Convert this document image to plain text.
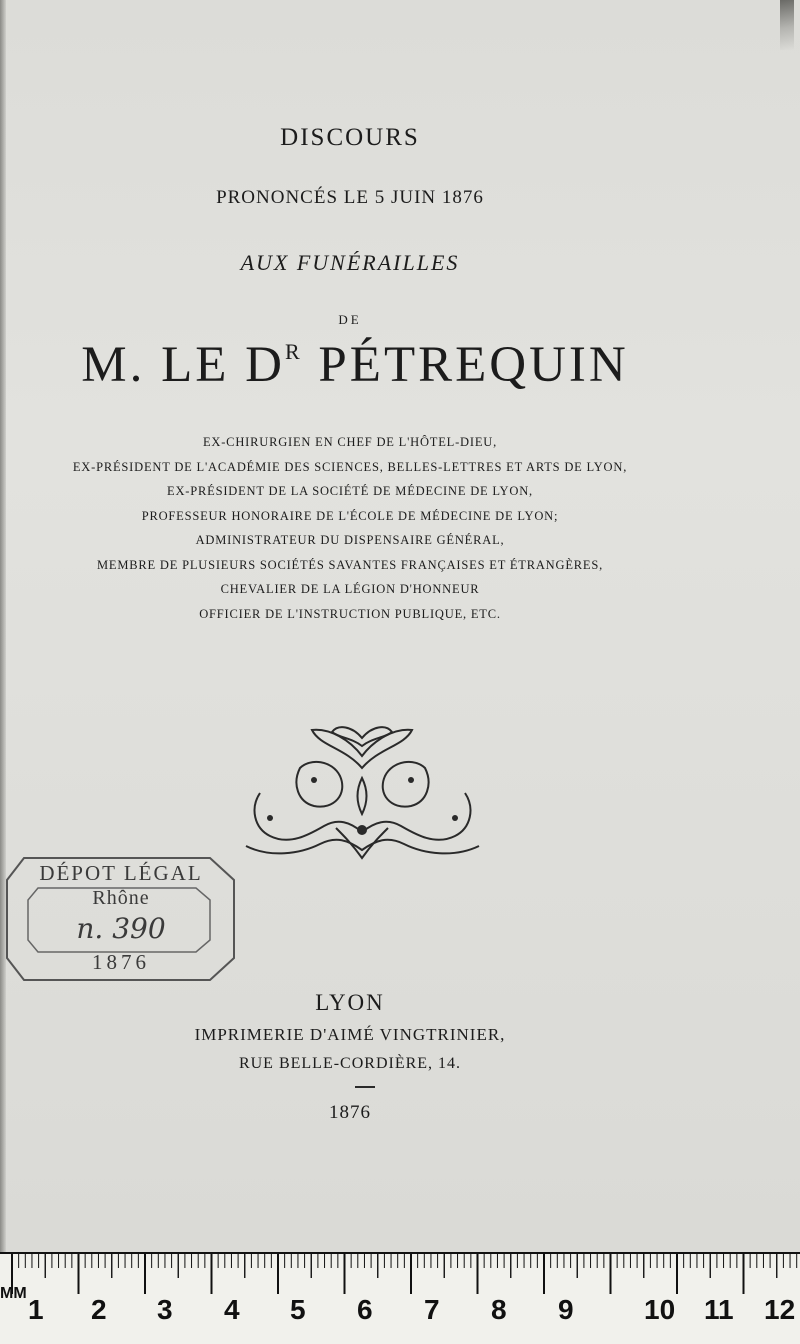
DISCOURS
PRONONCÉS LE 5 JUIN 1876
AUX FUNÉRAILLES
DE
M. LE $D^R$ PÉTREQUIN
EX-CHIRURGIEN EN CHEF DE L'HÔTEL-DIEU,
EX-PRÉSIDENT DE L'ACADÉMIE DES SCIENCES, BELLES-LETTRES ET ARTS DE LYON,
EX-PRÉSIDENT DE LA SOCIÉTÉ DE MÉDECINE DE LYON,
PROFESSEUR HONORAIRE DE L'ÉCOLE DE MÉDECINE DE LYON;
ADMINISTRATEUR DU DISPENSAIRE GÉNÉRAL,
MEMBRE DE PLUSIEURS SOCIÉTÉS SAVANTES FRANÇAISES ET ÉTRANGÈRES,
CHEVALIER DE LA LÉGION D'HONNEUR
OFFICIER DE L'INSTRUCTION PUBLIQUE, ETC.
DÉPOT LÉGAL
Rhône
n. 390
1876
LYON
IMPRIMERIE D'AIMÉ VINGTRINIER,
RUE BELLE-CORDIÈRE, 14.
1876
MM
1 2 3 4 5 6 7 8 9	10 11 12
